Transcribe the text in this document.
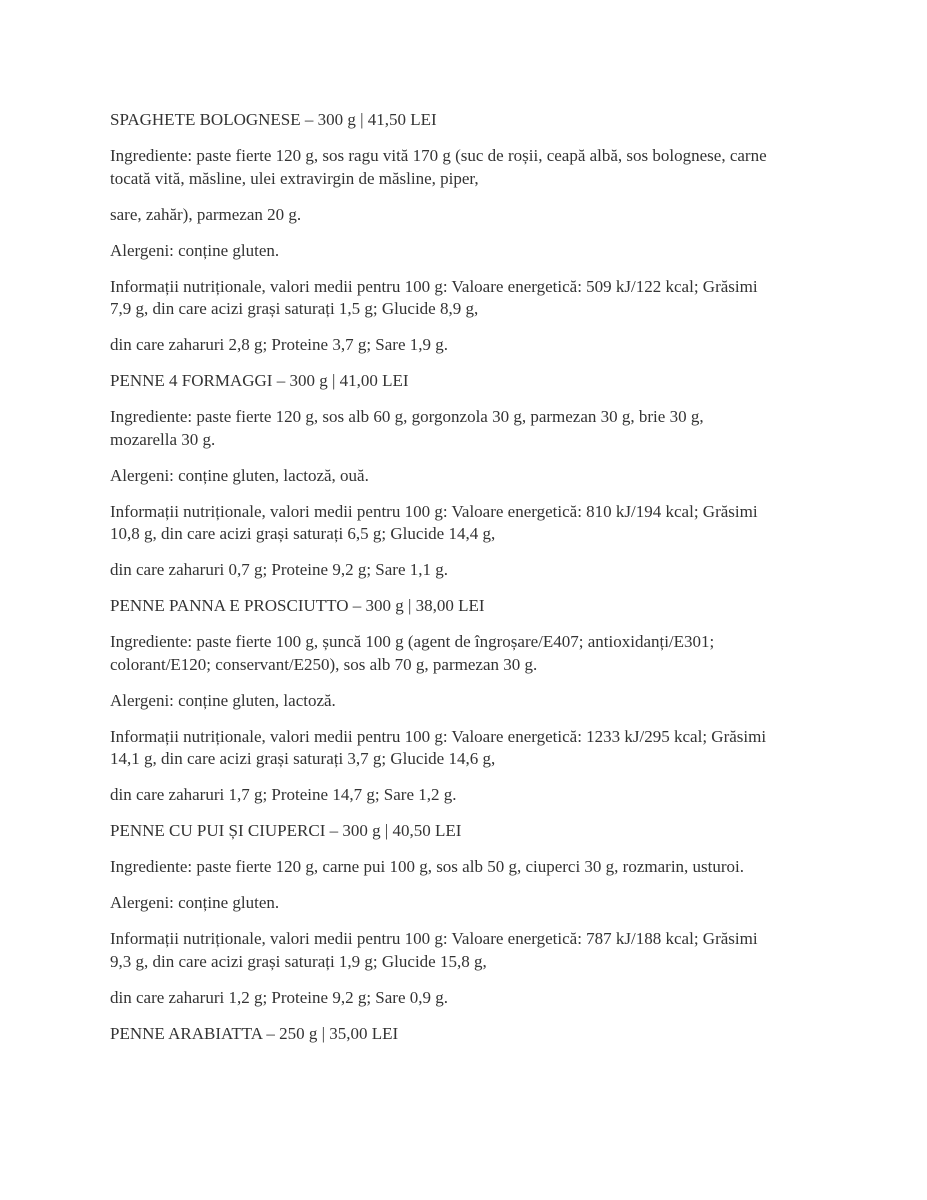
SPAGHETE BOLOGNESE – 300 g | 41,50 LEI
Ingrediente: paste fierte 120 g, sos ragu vită 170 g (suc de roșii, ceapă albă, sos bolognese, carne
tocată vită, măsline, ulei extravirgin de măsline, piper,
sare, zahăr), parmezan 20 g.
Alergeni: conține gluten.
Informații nutriționale, valori medii pentru 100 g: Valoare energetică: 509 kJ/122 kcal; Grăsimi
7,9 g, din care acizi grași saturați 1,5 g; Glucide 8,9 g,
din care zaharuri 2,8 g; Proteine 3,7 g; Sare 1,9 g.
PENNE 4 FORMAGGI – 300 g | 41,00 LEI
Ingrediente: paste fierte 120 g, sos alb 60 g, gorgonzola 30 g, parmezan 30 g, brie 30 g,
mozarella 30 g.
Alergeni: conține gluten, lactoză, ouă.
Informații nutriționale, valori medii pentru 100 g: Valoare energetică: 810 kJ/194 kcal; Grăsimi
10,8 g, din care acizi grași saturați 6,5 g; Glucide 14,4 g,
din care zaharuri 0,7 g; Proteine 9,2 g; Sare 1,1 g.
PENNE PANNA E PROSCIUTTO – 300 g | 38,00 LEI
Ingrediente: paste fierte 100 g, șuncă 100 g (agent de îngroșare/E407; antioxidanți/E301;
colorant/E120; conservant/E250), sos alb 70 g, parmezan 30 g.
Alergeni: conține gluten, lactoză.
Informații nutriționale, valori medii pentru 100 g: Valoare energetică: 1233 kJ/295 kcal; Grăsimi
14,1 g, din care acizi grași saturați 3,7 g; Glucide 14,6 g,
din care zaharuri 1,7 g; Proteine 14,7 g; Sare 1,2 g.
PENNE CU PUI ȘI CIUPERCI – 300 g | 40,50 LEI
Ingrediente: paste fierte 120 g, carne pui 100 g, sos alb 50 g, ciuperci 30 g, rozmarin, usturoi.
Alergeni: conține gluten.
Informații nutriționale, valori medii pentru 100 g: Valoare energetică: 787 kJ/188 kcal; Grăsimi
9,3 g, din care acizi grași saturați 1,9 g; Glucide 15,8 g,
din care zaharuri 1,2 g; Proteine 9,2 g; Sare 0,9 g.
PENNE ARABIATTA – 250 g | 35,00 LEI
